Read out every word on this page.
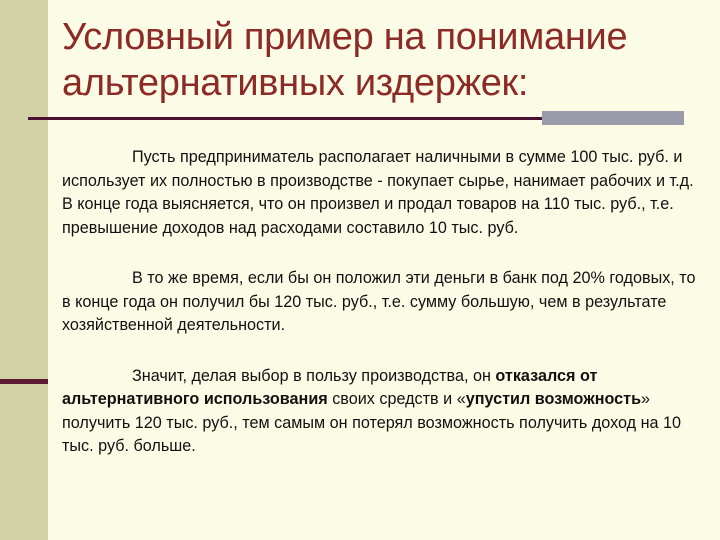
Условный пример на понимание
альтернативных издержек:

Пусть предприниматель располагает наличными в сумме 100 тыс. руб. и использует их полностью в производстве - покупает сырье, нанимает рабочих и т.д. В конце года выясняется, что он произвел и продал товаров на 110 тыс. руб., т.е. превышение доходов над расходами составило 10 тыс. руб.

В то же время, если бы он положил эти деньги в банк под 20% годовых, то в конце года он получил бы 120 тыс. руб., т.е. сумму большую, чем в результате хозяйственной деятельности.

Значит, делая выбор в пользу производства, он отказался от альтернативного использования своих средств и «упустил возможность» получить 120 тыс. руб., тем самым он потерял возможность получить доход на 10 тыс. руб. больше.
